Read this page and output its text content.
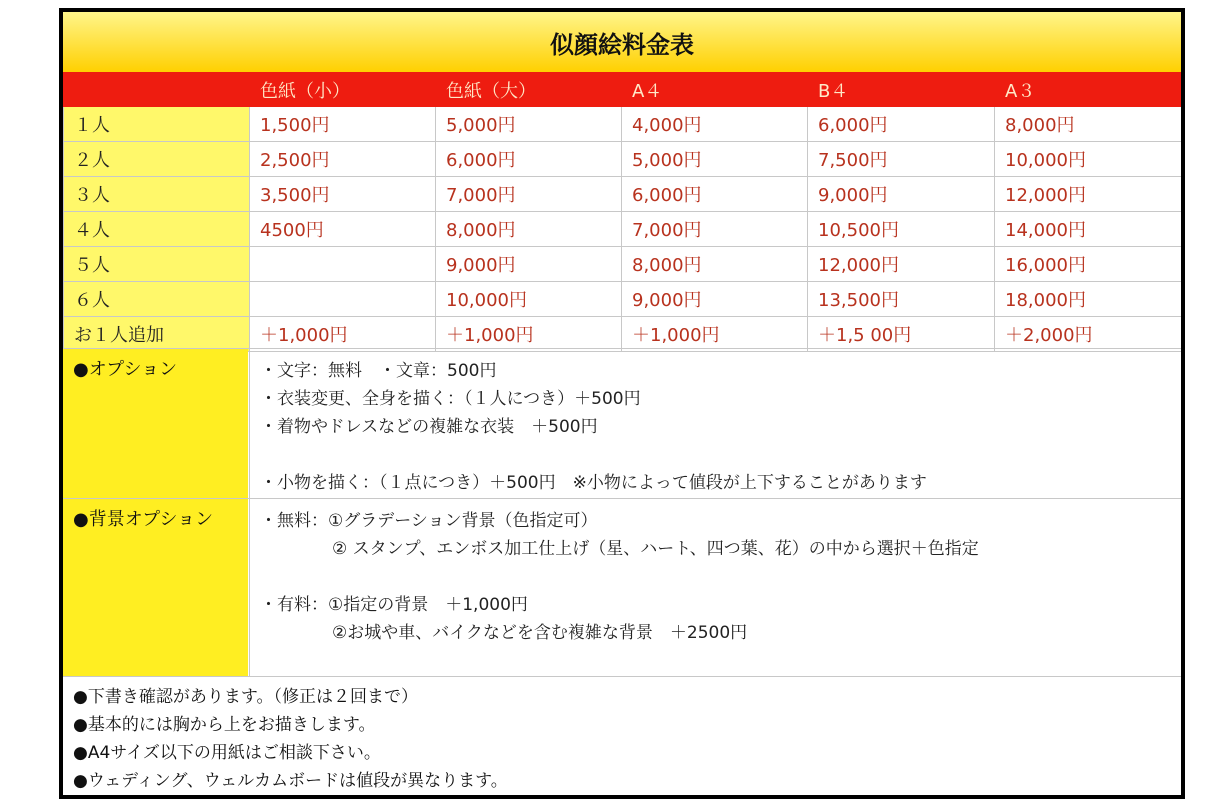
似顔絵料金表
	色紙（小）	色紙（大）	A４	B４	A３
１人	1,500円	5,000円	4,000円	6,000円	8,000円
２人	2,500円	6,000円	5,000円	7,500円	10,000円
３人	3,500円	7,000円	6,000円	9,000円	12,000円
４人	4500円	8,000円	7,000円	10,500円	14,000円
５人		9,000円	8,000円	12,000円	16,000円
６人		10,000円	9,000円	13,500円	18,000円
お１人追加	＋1,000円	＋1,000円	＋1,000円	＋1,5 00円	＋2,000円
●オプション	・文字：無料　・文章：500円
・衣装変更、全身を描く：（１人につき）＋500円
・着物やドレスなどの複雑な衣装　＋500円
・小物を描く：（１点につき）＋500円　※小物によって値段が上下することがあります
●背景オプション	・無料：①グラデーション背景（色指定可）
② スタンプ、エンボス加工仕上げ（星、ハート、四つ葉、花）の中から選択＋色指定
・有料：①指定の背景　＋1,000円
②お城や車、バイクなどを含む複雑な背景　＋2500円
●下書き確認があります。（修正は２回まで）
●基本的には胸から上をお描きします。
●A4サイズ以下の用紙はご相談下さい。
●ウェディング、ウェルカムボードは値段が異なります。
